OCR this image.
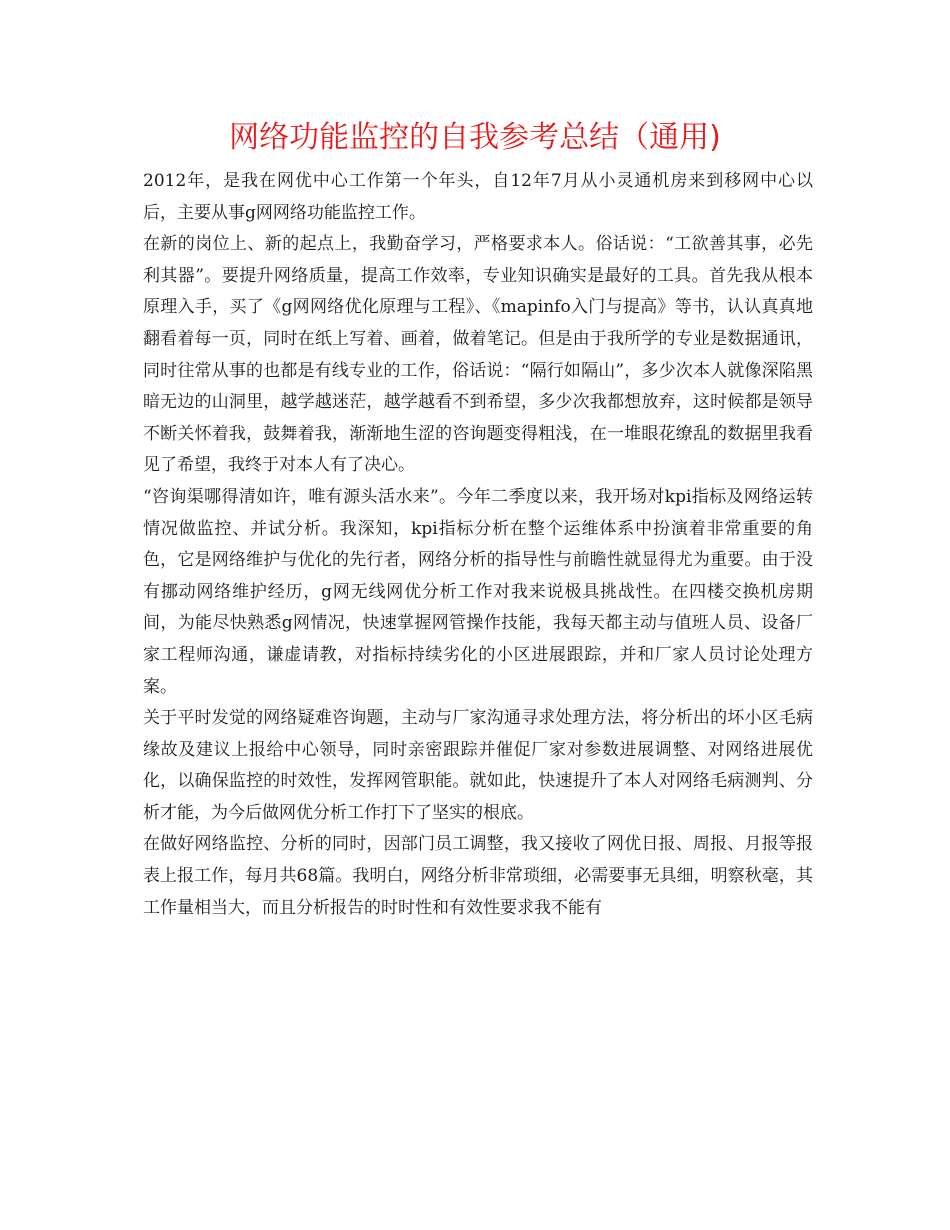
网络功能监控的自我参考总结（通用)

2012年，是我在网优中心工作第一个年头，自12年7月从小灵通机房来到移网中心以后，主要从事g网网络功能监控工作。

在新的岗位上、新的起点上，我勤奋学习，严格要求本人。俗话说：“工欲善其事，必先利其器”。要提升网络质量，提高工作效率，专业知识确实是最好的工具。首先我从根本原理入手，买了《g网网络优化原理与工程》、《mapinfo入门与提高》等书，认认真真地翻看着每一页，同时在纸上写着、画着，做着笔记。但是由于我所学的专业是数据通讯，同时往常从事的也都是有线专业的工作，俗话说：“隔行如隔山”，多少次本人就像深陷黑暗无边的山洞里，越学越迷茫，越学越看不到希望，多少次我都想放弃，这时候都是领导不断关怀着我，鼓舞着我，渐渐地生涩的咨询题变得粗浅，在一堆眼花缭乱的数据里我看见了希望，我终于对本人有了决心。

“咨询渠哪得清如许，唯有源头活水来”。今年二季度以来，我开场对kpi指标及网络运转情况做监控、并试分析。我深知，kpi指标分析在整个运维体系中扮演着非常重要的角色，它是网络维护与优化的先行者，网络分析的指导性与前瞻性就显得尤为重要。由于没有挪动网络维护经历，g网无线网优分析工作对我来说极具挑战性。在四楼交换机房期间，为能尽快熟悉g网情况，快速掌握网管操作技能，我每天都主动与值班人员、设备厂家工程师沟通，谦虚请教，对指标持续劣化的小区进展跟踪，并和厂家人员讨论处理方案。

关于平时发觉的网络疑难咨询题，主动与厂家沟通寻求处理方法，将分析出的坏小区毛病缘故及建议上报给中心领导，同时亲密跟踪并催促厂家对参数进展调整、对网络进展优化，以确保监控的时效性，发挥网管职能。就如此，快速提升了本人对网络毛病测判、分析才能，为今后做网优分析工作打下了坚实的根底。

在做好网络监控、分析的同时，因部门员工调整，我又接收了网优日报、周报、月报等报表上报工作，每月共68篇。我明白，网络分析非常琐细，必需要事无具细，明察秋毫，其工作量相当大，而且分析报告的时时性和有效性要求我不能有
